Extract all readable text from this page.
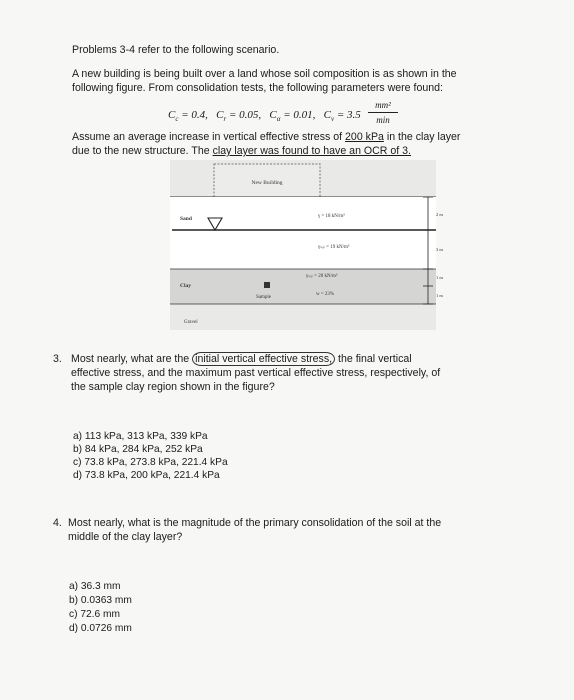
Problems 3-4 refer to the following scenario.
A new building is being built over a land whose soil composition is as shown in the
following figure. From consolidation tests, the following parameters were found:
$C_c = 0.4$, $C_r = 0.05$, $C_\alpha = 0.01$, $C_v = 3.5$
mm²
min
Assume an average increase in vertical effective stress of 200 kPa in the clay layer
due to the new structure. The clay layer was found to have an OCR of 3.
New Building
Sand	γ = 18 kN/m³
γₛₐₜ = 19 kN/m³
Clay
Sample
γₛₐₜ = 20 kN/m³
w = 23%
Gravel
2 m
3 m
1 m
1 m
3. Most nearly, what are the initial vertical effective stress, the final vertical
effective stress, and the maximum past vertical effective stress, respectively, of
the sample clay region shown in the figure?
a) 113 kPa, 313 kPa, 339 kPa
b) 84 kPa, 284 kPa, 252 kPa
c) 73.8 kPa, 273.8 kPa, 221.4 kPa
d) 73.8 kPa, 200 kPa, 221.4 kPa
4. Most nearly, what is the magnitude of the primary consolidation of the soil at the
middle of the clay layer?
a) 36.3 mm
b) 0.0363 mm
c) 72.6 mm
d) 0.0726 mm
